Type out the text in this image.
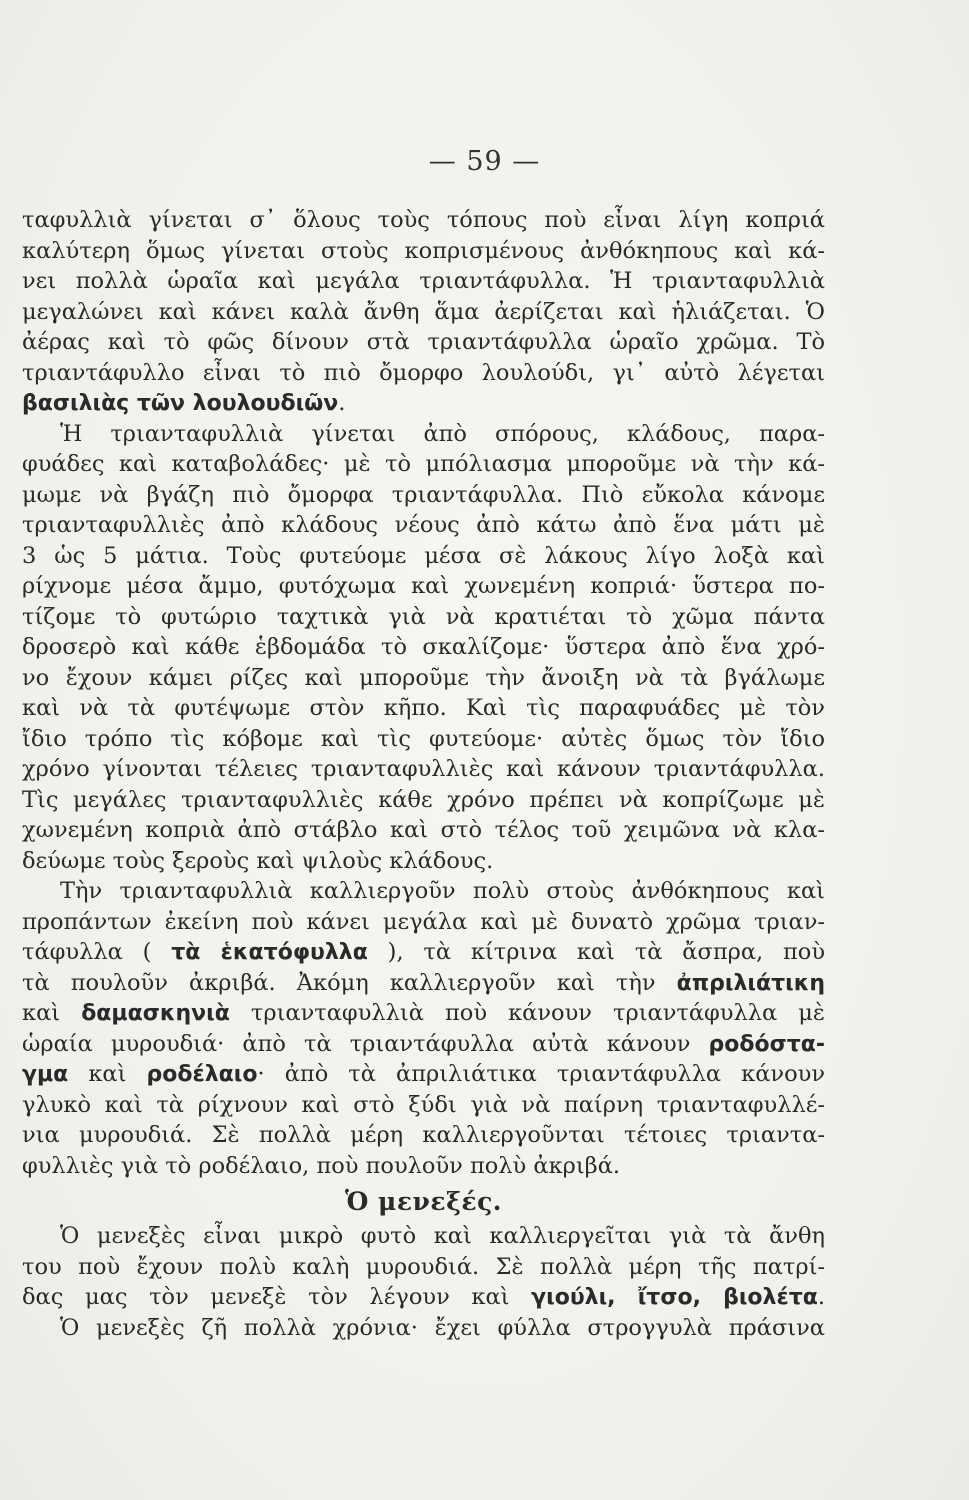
— 59 —
ταφυλλιὰ γίνεται σ᾽ ὅλους τοὺς τόπους ποὺ εἶναι λίγη κοπριά
καλύτερη ὅμως γίνεται στοὺς κοπρισμένους ἀνθόκηπους καὶ κά-
νει πολλὰ ὡραῖα καὶ μεγάλα τριαντάφυλλα. Ἡ τριανταφυλλιὰ
μεγαλώνει καὶ κάνει καλὰ ἄνθη ἅμα ἀερίζεται καὶ ἡλιάζεται. Ὁ
ἀέρας καὶ τὸ φῶς δίνουν στὰ τριαντάφυλλα ὡραῖο χρῶμα. Τὸ
τριαντάφυλλο εἶναι τὸ πιὸ ὄμορφο λουλούδι, γι᾽ αὐτὸ λέγεται
βασιλιὰς τῶν λουλουδιῶν.
Ἡ τριανταφυλλιὰ γίνεται ἀπὸ σπόρους, κλάδους, παρα-
φυάδες καὶ καταβολάδες· μὲ τὸ μπόλιασμα μποροῦμε νὰ τὴν κά-
μωμε νὰ βγάζη πιὸ ὄμορφα τριαντάφυλλα. Πιὸ εὔκολα κάνομε
τριανταφυλλιὲς ἀπὸ κλάδους νέους ἀπὸ κάτω ἀπὸ ἕνα μάτι μὲ
3 ὡς 5 μάτια. Τοὺς φυτεύομε μέσα σὲ λάκους λίγο λοξὰ καὶ
ρίχνομε μέσα ἄμμο, φυτόχωμα καὶ χωνεμένη κοπριά· ὕστερα πο-
τίζομε τὸ φυτώριο ταχτικὰ γιὰ νὰ κρατιέται τὸ χῶμα πάντα
δροσερὸ καὶ κάθε ἑβδομάδα τὸ σκαλίζομε· ὕστερα ἀπὸ ἕνα χρό-
νο ἔχουν κάμει ρίζες καὶ μποροῦμε τὴν ἄνοιξη νὰ τὰ βγάλωμε
καὶ νὰ τὰ φυτέψωμε στὸν κῆπο. Καὶ τὶς παραφυάδες μὲ τὸν
ἴδιο τρόπο τὶς κόβομε καὶ τὶς φυτεύομε· αὐτὲς ὅμως τὸν ἴδιο
χρόνο γίνονται τέλειες τριανταφυλλιὲς καὶ κάνουν τριαντάφυλλα.
Τὶς μεγάλες τριανταφυλλιὲς κάθε χρόνο πρέπει νὰ κοπρίζωμε μὲ
χωνεμένη κοπριὰ ἀπὸ στάβλο καὶ στὸ τέλος τοῦ χειμῶνα νὰ κλα-
δεύωμε τοὺς ξεροὺς καὶ ψιλοὺς κλάδους.
Τὴν τριανταφυλλιὰ καλλιεργοῦν πολὺ στοὺς ἀνθόκηπους καὶ
προπάντων ἐκείνη ποὺ κάνει μεγάλα καὶ μὲ δυνατὸ χρῶμα τριαν-
τάφυλλα ( τὰ ἑκατόφυλλα ), τὰ κίτρινα καὶ τὰ ἄσπρα, ποὺ
τὰ πουλοῦν ἀκριβά. Ἀκόμη καλλιεργοῦν καὶ τὴν ἀπριλιάτικη
καὶ δαμασκηνιὰ τριανταφυλλιὰ ποὺ κάνουν τριαντάφυλλα μὲ
ὡραία μυρουδιά· ἀπὸ τὰ τριαντάφυλλα αὐτὰ κάνουν ροδόστα-
γμα καὶ ροδέλαιο· ἀπὸ τὰ ἀπριλιάτικα τριαντάφυλλα κάνουν
γλυκὸ καὶ τὰ ρίχνουν καὶ στὸ ξύδι γιὰ νὰ παίρνη τριανταφυλλέ-
νια μυρουδιά. Σὲ πολλὰ μέρη καλλιεργοῦνται τέτοιες τριαντα-
φυλλιὲς γιὰ τὸ ροδέλαιο, ποὺ πουλοῦν πολὺ ἀκριβά.
Ὁ μενεξές.
Ὁ μενεξὲς εἶναι μικρὸ φυτὸ καὶ καλλιεργεῖται γιὰ τὰ ἄνθη
του ποὺ ἔχουν πολὺ καλὴ μυρουδιά. Σὲ πολλὰ μέρη τῆς πατρί-
δας μας τὸν μενεξὲ τὸν λέγουν καὶ γιούλι, ἴτσο, βιολέτα.
Ὁ μενεξὲς ζῆ πολλὰ χρόνια· ἔχει φύλλα στρογγυλὰ πράσινα
